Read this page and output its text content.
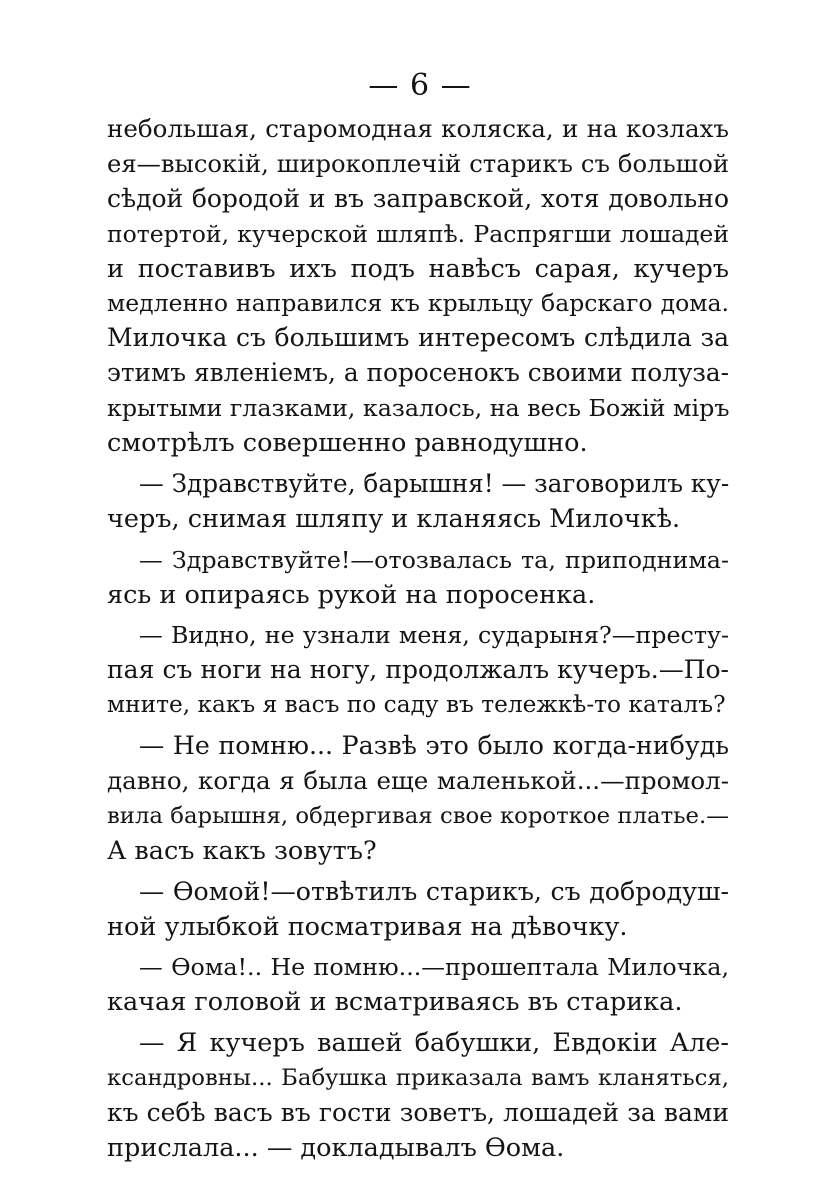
— 6 —
небольшая, старомодная коляска, и на козлахъ
ея—высокій, широкоплечій старикъ съ большой
сѣдой бородой и въ заправской, хотя довольно
потертой, кучерской шляпѣ. Распрягши лошадей
и поставивъ ихъ подъ навѣсъ сарая, кучеръ
медленно направился къ крыльцу барскаго дома.
Милочка съ большимъ интересомъ слѣдила за
этимъ явленіемъ, а поросенокъ своими полуза-
крытыми глазками, казалось, на весь Божій міръ
смотрѣлъ совершенно равнодушно.
— Здравствуйте, барышня! — заговорилъ ку-
черъ, снимая шляпу и кланяясь Милочкѣ.
— Здравствуйте!—отозвалась та, приподнима-
ясь и опираясь рукой на поросенка.
— Видно, не узнали меня, сударыня?—престу-
пая съ ноги на ногу, продолжалъ кучеръ.—По-
мните, какъ я васъ по саду въ тележкѣ-то каталъ?
— Не помню... Развѣ это было когда-нибудь
давно, когда я была еще маленькой...—промол-
вила барышня, обдергивая свое короткое платье.—
А васъ какъ зовутъ?
— Ѳомой!—отвѣтилъ старикъ, съ добродуш-
ной улыбкой посматривая на дѣвочку.
— Ѳома!.. Не помню...—прошептала Милочка,
качая головой и всматриваясь въ старика.
— Я кучеръ вашей бабушки, Евдокіи Але-
ксандровны... Бабушка приказала вамъ кланяться,
къ себѣ васъ въ гости зоветъ, лошадей за вами
прислала... — докладывалъ Ѳома.
